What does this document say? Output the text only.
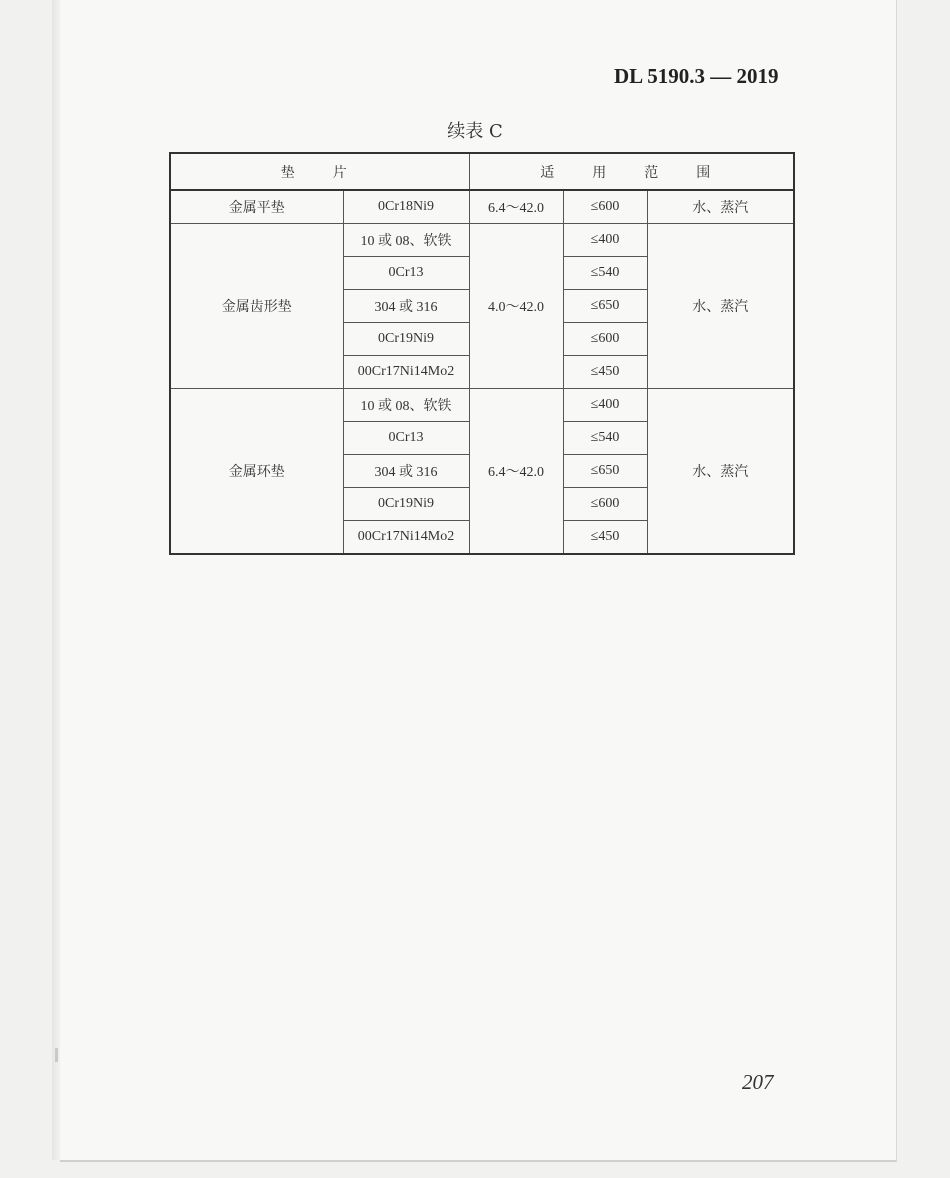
DL 5190.3 — 2019
续表 C
垫　片		适　用　范　围		
金属平垫	0Cr18Ni9	6.4～42.0	≤600	水、蒸汽
金属齿形垫	10 或 08、软铁	4.0～42.0	≤400	水、蒸汽
	0Cr13		≤540	
	304 或 316		≤650	
	0Cr19Ni9		≤600	
	00Cr17Ni14Mo2		≤450	
金属环垫	10 或 08、软铁	6.4～42.0	≤400	水、蒸汽
	0Cr13		≤540	
	304 或 316		≤650	
	0Cr19Ni9		≤600	
	00Cr17Ni14Mo2		≤450	
207
